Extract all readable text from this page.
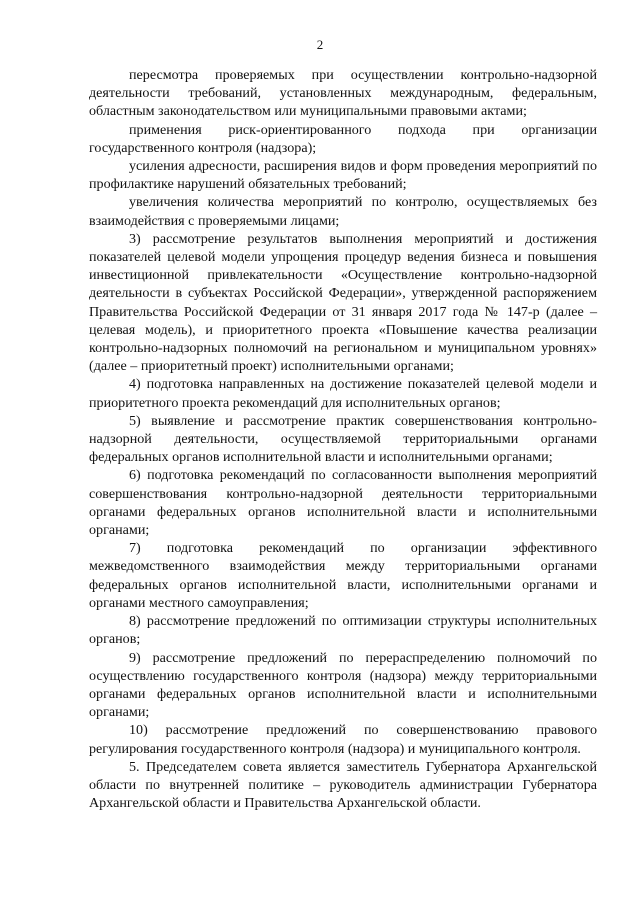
2

пересмотра проверяемых при осуществлении контрольно-надзорной деятельности требований, установленных международным, федеральным, областным законодательством или муниципальными правовыми актами;

применения риск-ориентированного подхода при организации государственного контроля (надзора);

усиления адресности, расширения видов и форм проведения мероприятий по профилактике нарушений обязательных требований;

увеличения количества мероприятий по контролю, осуществляемых без взаимодействия с проверяемыми лицами;

3) рассмотрение результатов выполнения мероприятий и достижения показателей целевой модели упрощения процедур ведения бизнеса и повышения инвестиционной привлекательности «Осуществление контрольно-надзорной деятельности в субъектах Российской Федерации», утвержденной распоряжением Правительства Российской Федерации от 31 января 2017 года № 147-р (далее – целевая модель), и приоритетного проекта «Повышение качества реализации контрольно-надзорных полномочий на региональном и муниципальном уровнях» (далее – приоритетный проект) исполнительными органами;

4) подготовка направленных на достижение показателей целевой модели и приоритетного проекта рекомендаций для исполнительных органов;

5) выявление и рассмотрение практик совершенствования контрольно-надзорной деятельности, осуществляемой территориальными органами федеральных органов исполнительной власти и исполнительными органами;

6) подготовка рекомендаций по согласованности выполнения мероприятий совершенствования контрольно-надзорной деятельности территориальными органами федеральных органов исполнительной власти и исполнительными органами;

7) подготовка рекомендаций по организации эффективного межведомственного взаимодействия между территориальными органами федеральных органов исполнительной власти, исполнительными органами и органами местного самоуправления;

8) рассмотрение предложений по оптимизации структуры исполнительных органов;

9) рассмотрение предложений по перераспределению полномочий по осуществлению государственного контроля (надзора) между территориальными органами федеральных органов исполнительной власти и исполнительными органами;

10) рассмотрение предложений по совершенствованию правового регулирования государственного контроля (надзора) и муниципального контроля.

5. Председателем совета является заместитель Губернатора Архангельской области по внутренней политике – руководитель администрации Губернатора Архангельской области и Правительства Архангельской области.
